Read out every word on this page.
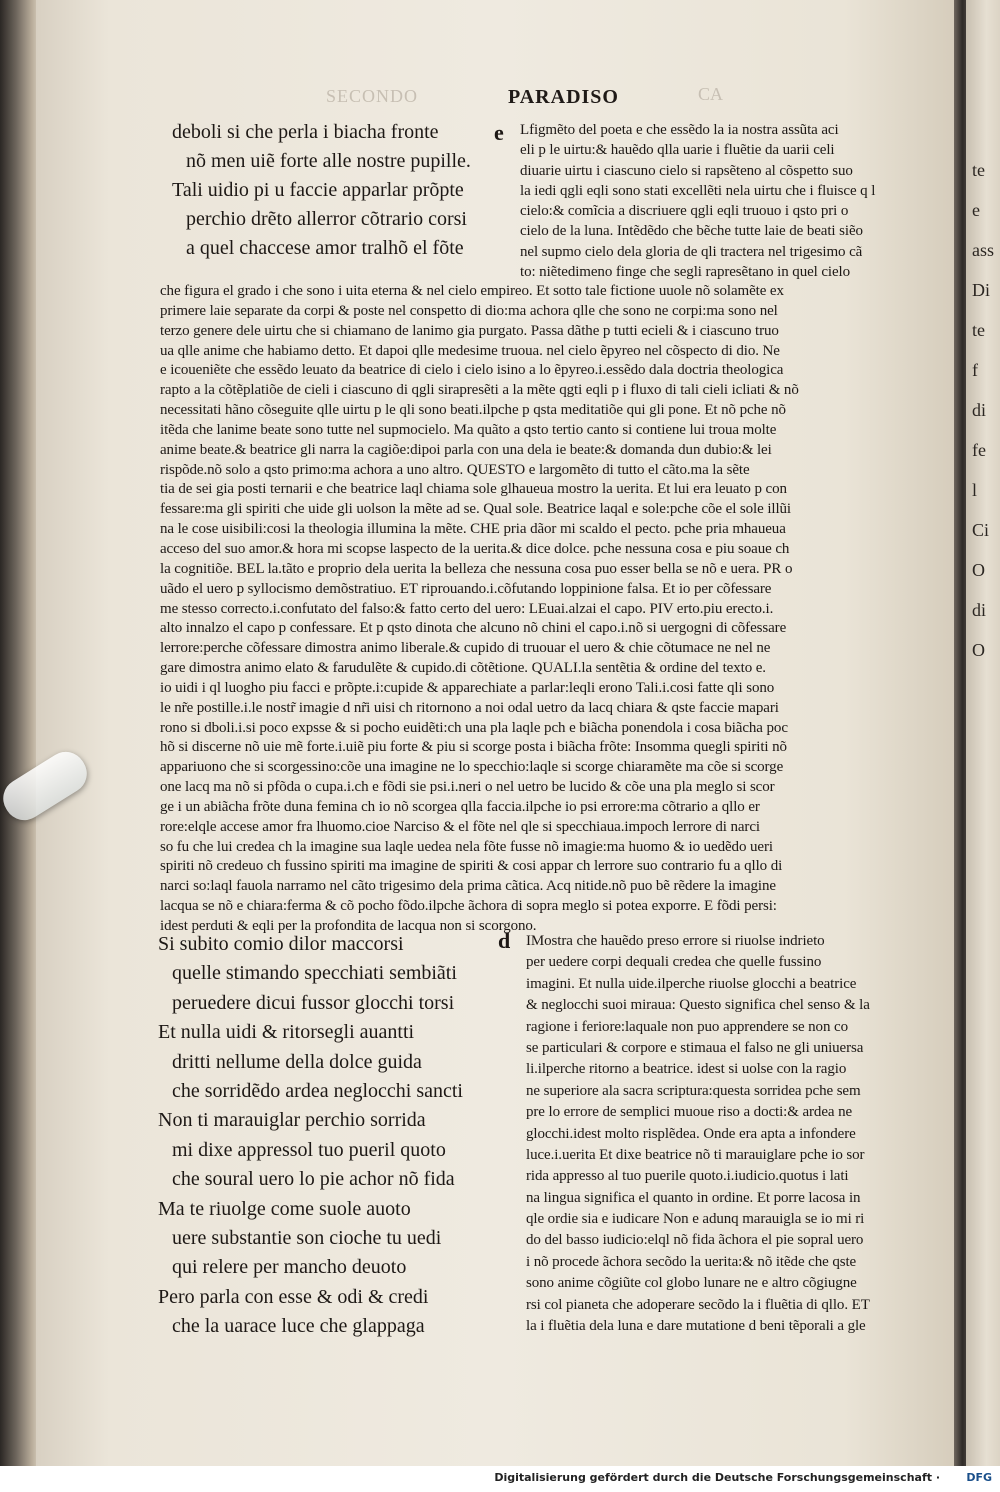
te
e
ass
Di
te
f
di
fe
l
Ci
O
di
O
SECONDO	CA
PARADISO
deboli si che perla i biacha fronte
nõ men uiẽ forte alle nostre pupille.
Tali uidio pi u faccie apparlar prõpte
perchio drẽto allerror cõtrario corsi
a quel chaccese amor tralhõ el fõte
e Lfigmẽto del poeta e che essẽdo la ia nostra assũta aci
eli p le uirtu:& hauẽdo qlla uarie i fluẽtie da uarii celi
diuarie uirtu i ciascuno cielo si rapsẽteno al cõspetto suo
la iedi qgli eqli sono stati excellẽti nela uirtu che i fluisce q l
cielo:& comĩcia a discriuere qgli eqli truouo i qsto pri o
cielo de la luna. Intẽdẽdo che bẽche tutte laie de beati siẽo
nel supmo cielo dela gloria de qli tractera nel trigesimo cã
to: niẽtedimeno finge che segli rapresẽtano in quel cielo
che figura el grado i che sono i uita eterna & nel cielo empireo. Et sotto tale fictione uuole nõ solamẽte ex
primere laie separate da corpi & poste nel conspetto di dio:ma achora qlle che sono ne corpi:ma sono nel
terzo genere dele uirtu che si chiamano de lanimo gia purgato. Passa dãthe p tutti ecieli & i ciascuno truo
ua qlle anime che habiamo detto. Et dapoi qlle medesime truoua. nel cielo ẽpyreo nel cõspecto di dio. Ne
e icoueniẽte che essẽdo leuato da beatrice di cielo i cielo isino a lo ẽpyreo.i.essẽdo dala doctria theologica
rapto a la cõtẽplatiõe de cieli i ciascuno di qgli sirapresẽti a la mẽte qgti eqli p i fluxo di tali cieli icliati & nõ
necessitati hãno cõseguite qlle uirtu p le qli sono beati.ilpche p qsta meditatiõe qui gli pone. Et nõ pche nõ
itẽda che lanime beate sono tutte nel supmocielo. Ma quãto a qsto tertio canto si contiene lui troua molte
anime beate.& beatrice gli narra la cagiõe:dipoi parla con una dela ie beate:& domanda dun dubio:& lei
rispõde.nõ solo a qsto primo:ma achora a uno altro. QUESTO e largomẽto di tutto el cãto.ma la sẽte
tia de sei gia posti ternarii e che beatrice laql chiama sole glhaueua mostro la uerita. Et lui era leuato p con
fessare:ma gli spiriti che uide gli uolson la mẽte ad se. Qual sole. Beatrice laqal e sole:pche cõe el sole illũi
na le cose uisibili:cosi la theologia illumina la mẽte. CHE pria dãor mi scaldo el pecto. pche pria mhaueua
acceso del suo amor.& hora mi scopse laspecto de la uerita.& dice dolce. pche nessuna cosa e piu soaue ch
la cognitiõe. BEL la.tãto e proprio dela uerita la belleza che nessuna cosa puo esser bella se nõ e uera. PR o
uãdo el uero p syllocismo demõstratiuo. ET riprouando.i.cõfutando loppinione falsa. Et io per cõfessare
me stesso correcto.i.confutato del falso:& fatto certo del uero: LEuai.alzai el capo. PIV erto.piu erecto.i.
alto innalzo el capo p confessare. Et p qsto dinota che alcuno nõ chini el capo.i.nõ si uergogni di cõfessare
lerrore:perche cõfessare dimostra animo liberale.& cupido di truouar el uero & chie cõtumace ne nel ne
gare dimostra animo elato & farudulẽte & cupido.di cõtẽtione. QUALI.la sentẽtia & ordine del texto e.
io uidi i ql luogho piu facci e prõpte.i:cupide & apparechiate a parlar:leqli erono Tali.i.cosi fatte qli sono
le nr̃e postille.i.le nostr̃ imagie d nr̃i uisi ch ritornono a noi odal uetro da lacq chiara & qste faccie mapari
rono si dboli.i.si poco expsse & si pocho euidẽti:ch una pla laqle pch e biãcha ponendola i cosa biãcha poc
hõ si discerne nõ uie mẽ forte.i.uiẽ piu forte & piu si scorge posta i biãcha frõte: Insomma quegli spiriti nõ
appariuono che si scorgessino:cõe una imagine ne lo specchio:laqle si scorge chiaramẽte ma cõe si scorge
one lacq ma nõ si pfõda o cupa.i.ch e fõdi sie psi.i.neri o nel uetro be lucido & cõe una pla meglo si scor
ge i un abiãcha frõte duna femina ch io nõ scorgea qlla faccia.ilpche io psi errore:ma cõtrario a qllo er
rore:elqle accese amor fra lhuomo.cioe Narciso & el fõte nel qle si specchiaua.impoch lerrore di narci
so fu che lui credea ch la imagine sua laqle uedea nela fõte fusse nõ imagie:ma huomo & io uedẽdo ueri
spiriti nõ credeuo ch fussino spiriti ma imagine de spiriti & cosi appar ch lerrore suo contrario fu a qllo di
narci so:laql fauola narramo nel cãto trigesimo dela prima cãtica. Acq nitide.nõ puo bẽ rẽdere la imagine
lacqua se nõ e chiara:ferma & cõ pocho fõdo.ilpche ãchora di sopra meglo si potea exporre. E fõdi persi:
idest perduti & eqli per la profondita de lacqua non si scorgono.
Si subito comio dilor maccorsi
quelle stimando specchiati sembiãti
peruedere dicui fussor glocchi torsi
Et nulla uidi & ritorsegli auantti
dritti nellume della dolce guida
che sorridẽdo ardea neglocchi sancti
Non ti marauiglar perchio sorrida
mi dixe appressol tuo pueril quoto
che soural uero lo pie achor nõ fida
Ma te riuolge come suole auoto
uere substantie son cioche tu uedi
qui relere per mancho deuoto
Pero parla con esse & odi & credi
che la uarace luce che glappaga
d IMostra che hauẽdo preso errore si riuolse indrieto
per uedere corpi dequali credea che quelle fussino
imagini. Et nulla uide.ilperche riuolse glocchi a beatrice
& neglocchi suoi miraua: Questo significa chel senso & la
ragione i feriore:laquale non puo apprendere se non co
se particulari & corpore e stimaua el falso ne gli uniuersa
li.ilperche ritorno a beatrice. idest si uolse con la ragio
ne superiore ala sacra scriptura:questa sorridea pche sem
pre lo errore de semplici muoue riso a docti:& ardea ne
glocchi.idest molto risplẽdea. Onde era apta a infondere
luce.i.uerita Et dixe beatrice nõ ti marauiglare pche io sor
rida appresso al tuo puerile quoto.i.iudicio.quotus i lati
na lingua significa el quanto in ordine. Et porre lacosa in
qle ordie sia e iudicare Non e adunq marauigla se io mi ri
do del basso iudicio:elql nõ fida ãchora el pie sopral uero
i nõ procede ãchora secõdo la uerita:& nõ itẽde che qste
sono anime cõgiũte col globo lunare ne e altro cõgiugne
rsi col pianeta che adoperare secõdo la i fluẽtia di qllo. ET
la i fluẽtia dela luna e dare mutatione d beni tẽporali a gle
Digitalisierung gefördert durch die Deutsche Forschungsgemeinschaft · DFG
